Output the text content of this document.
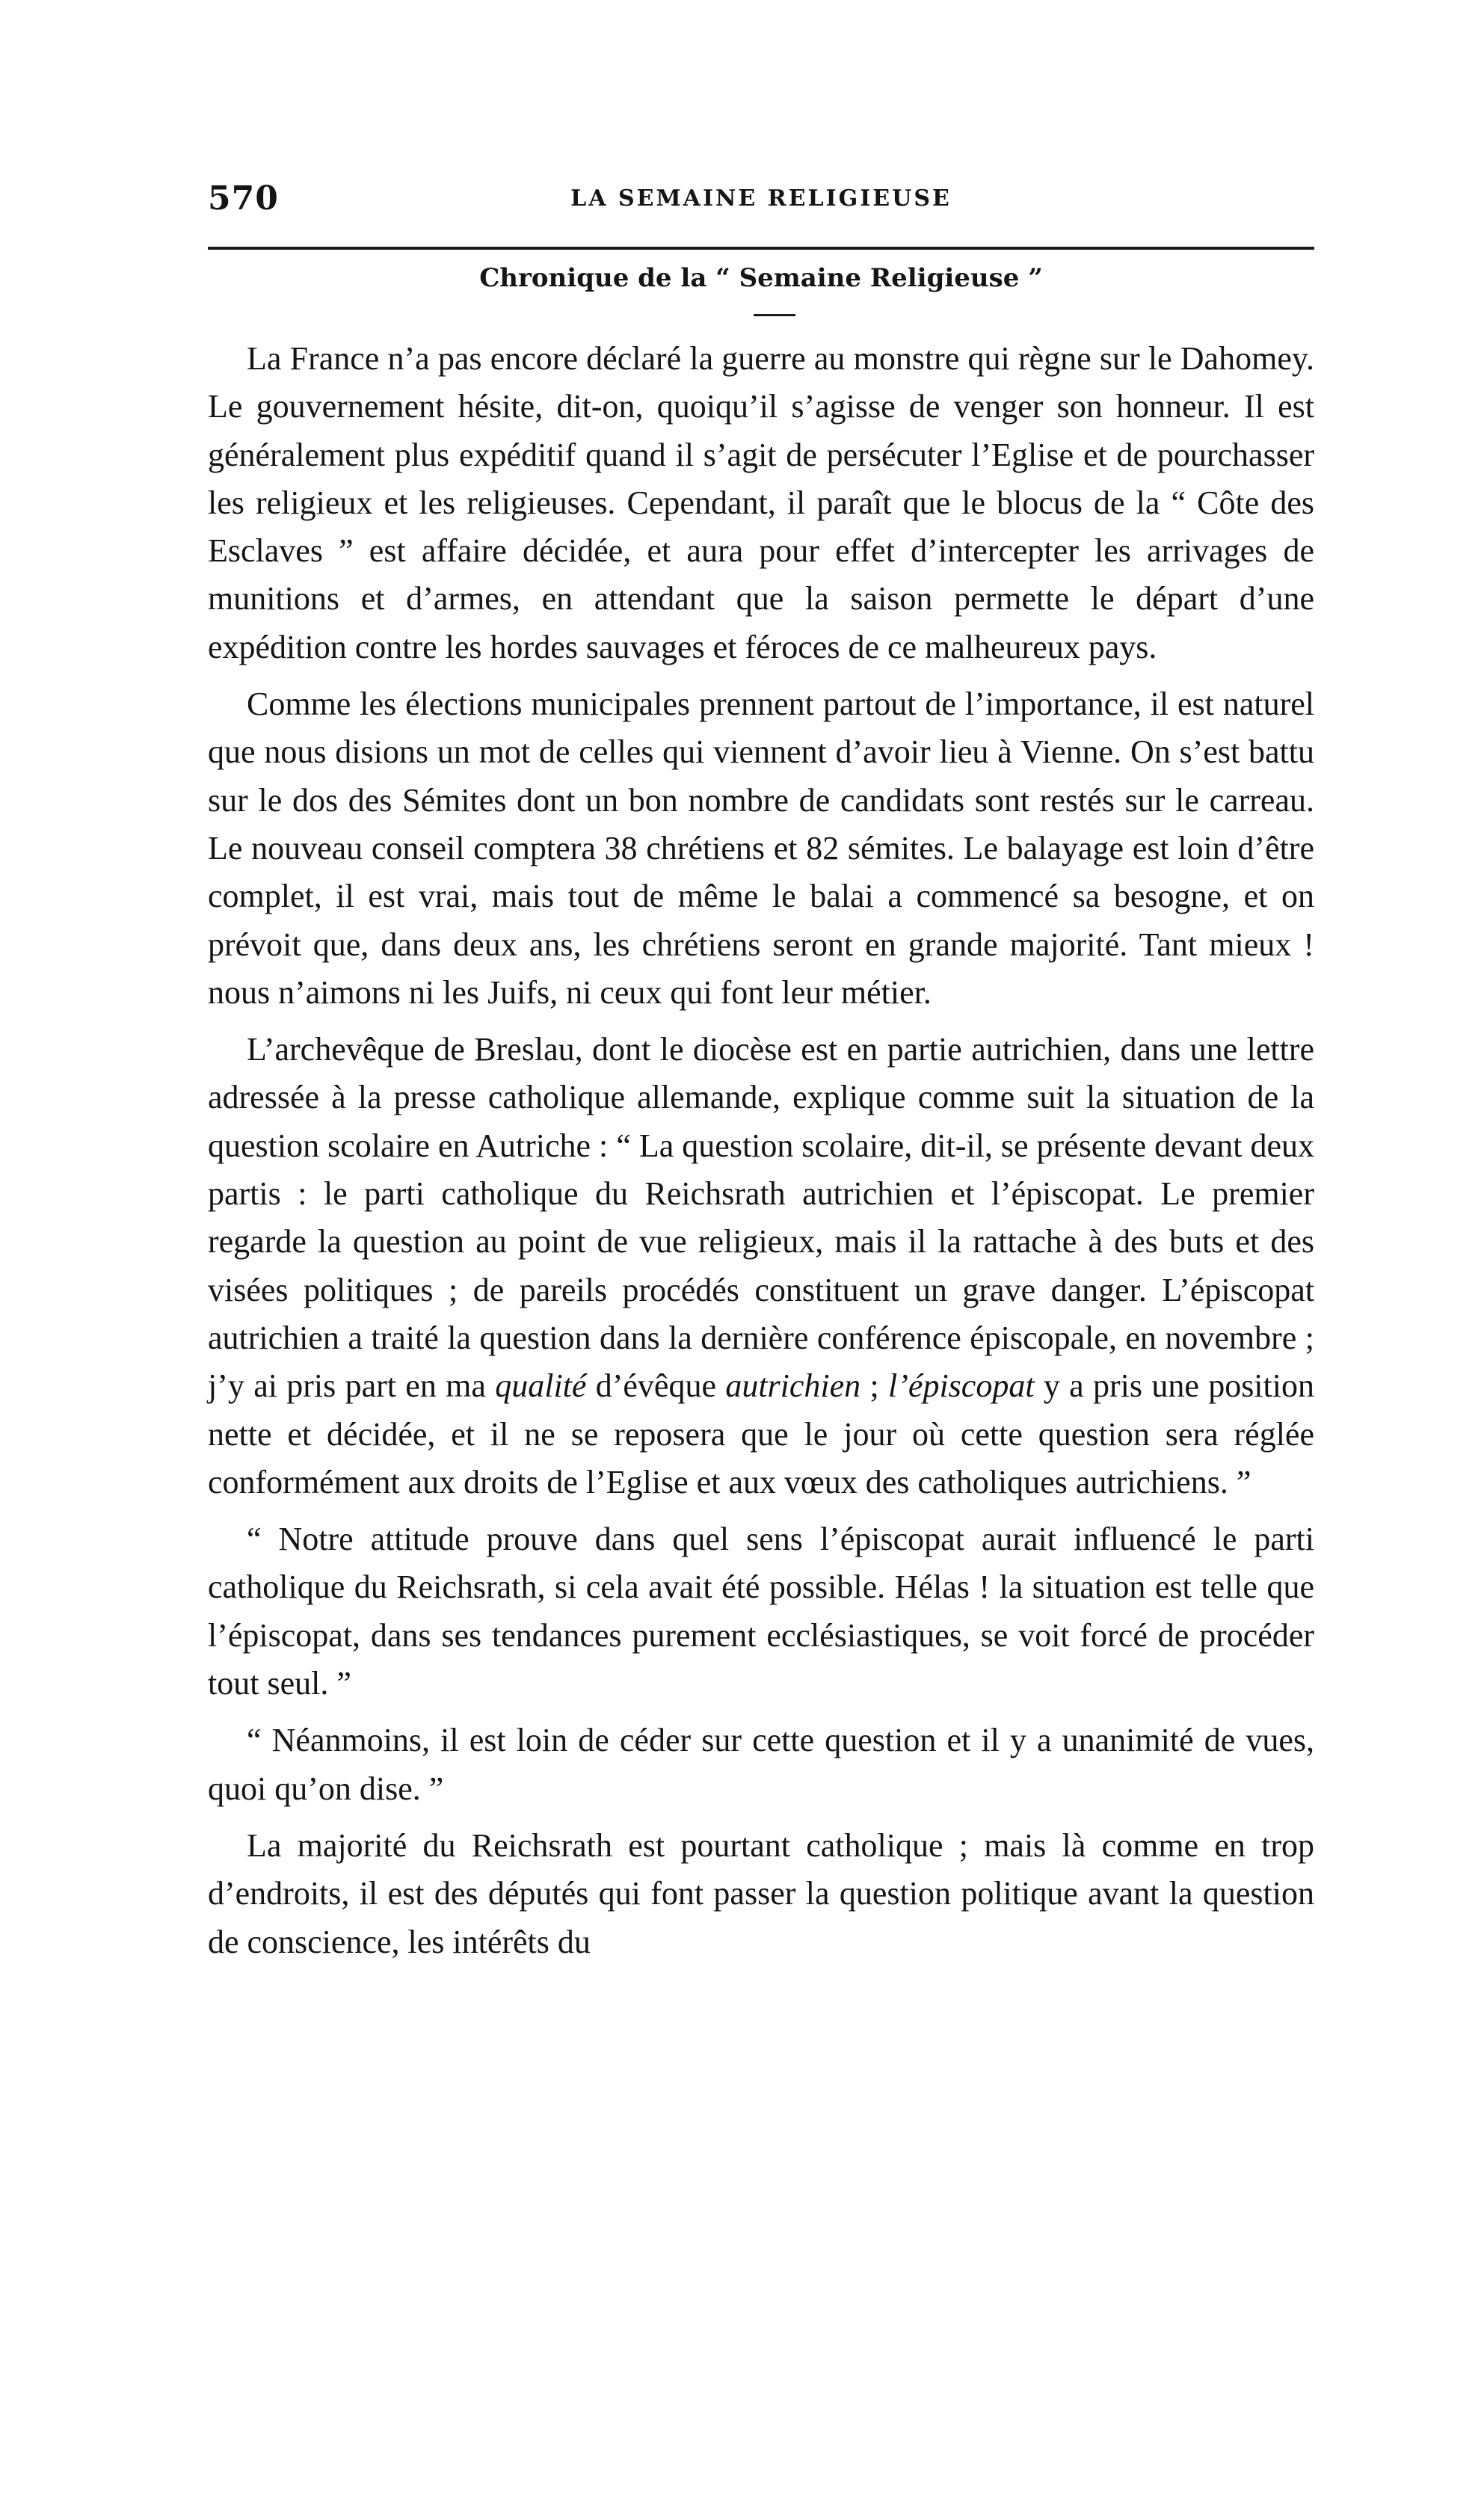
570	LA SEMAINE RELIGIEUSE
Chronique de la “ Semaine Religieuse ”

La France n’a pas encore déclaré la guerre au monstre qui règne sur le Dahomey. Le gouvernement hésite, dit-on, quoiqu’il s’agisse de venger son honneur. Il est généralement plus expéditif quand il s’agit de persécuter l’Eglise et de pourchasser les religieux et les religieuses. Cependant, il paraît que le blocus de la “ Côte des Esclaves ” est affaire décidée, et aura pour effet d’intercepter les arrivages de munitions et d’armes, en attendant que la saison permette le départ d’une expédition contre les hordes sauvages et féroces de ce malheureux pays.

Comme les élections municipales prennent partout de l’importance, il est naturel que nous disions un mot de celles qui viennent d’avoir lieu à Vienne. On s’est battu sur le dos des Sémites dont un bon nombre de candidats sont restés sur le carreau. Le nouveau conseil comptera 38 chrétiens et 82 sémites. Le balayage est loin d’être complet, il est vrai, mais tout de même le balai a commencé sa besogne, et on prévoit que, dans deux ans, les chrétiens seront en grande majorité. Tant mieux ! nous n’aimons ni les Juifs, ni ceux qui font leur métier.

L’archevêque de Breslau, dont le diocèse est en partie autrichien, dans une lettre adressée à la presse catholique allemande, explique comme suit la situation de la question scolaire en Autriche : “ La question scolaire, dit-il, se présente devant deux partis : le parti catholique du Reichsrath autrichien et l’épiscopat. Le premier regarde la question au point de vue religieux, mais il la rattache à des buts et des visées politiques ; de pareils procédés constituent un grave danger. L’épiscopat autrichien a traité la question dans la dernière conférence épiscopale, en novembre ; j’y ai pris part en ma qualité d’évêque autrichien ; l’épiscopat y a pris une position nette et décidée, et il ne se reposera que le jour où cette question sera réglée conformément aux droits de l’Eglise et aux vœux des catholiques autrichiens. ”

“ Notre attitude prouve dans quel sens l’épiscopat aurait influencé le parti catholique du Reichsrath, si cela avait été possible. Hélas ! la situation est telle que l’épiscopat, dans ses tendances purement ecclésiastiques, se voit forcé de procéder tout seul. ”

“ Néanmoins, il est loin de céder sur cette question et il y a unanimité de vues, quoi qu’on dise. ”

La majorité du Reichsrath est pourtant catholique ; mais là comme en trop d’endroits, il est des députés qui font passer la question politique avant la question de conscience, les intérêts du
